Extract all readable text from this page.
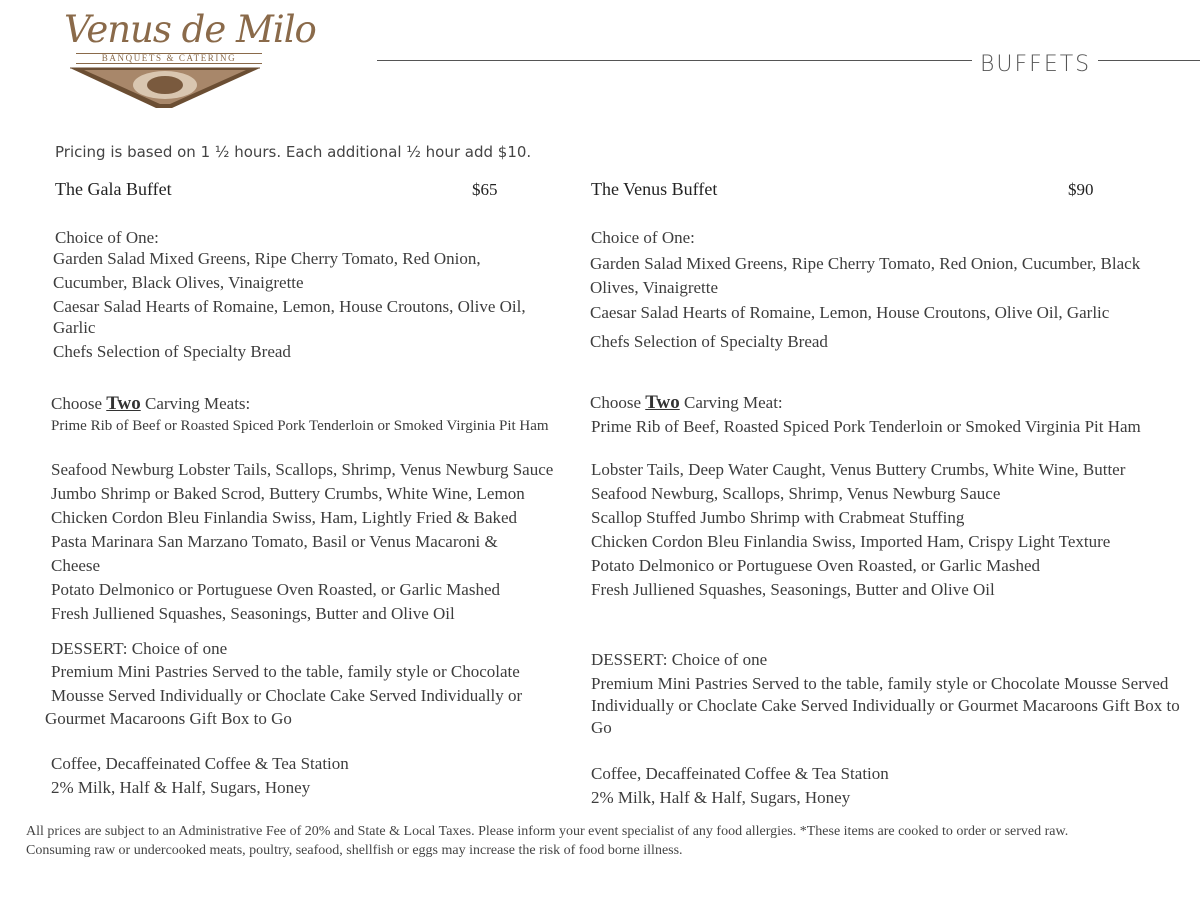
Venus de Milo
BANQUETS & CATERING	BUFFETS
Pricing is based on 1 ½ hours. Each additional ½ hour add $10.
The Gala Buffet	$65
Choice of One:
Garden Salad Mixed Greens, Ripe Cherry Tomato, Red Onion,
Cucumber, Black Olives, Vinaigrette
Caesar Salad Hearts of Romaine, Lemon, House Croutons, Olive Oil,
Garlic
Chefs Selection of Specialty Bread
Choose Two Carving Meats:
Prime Rib of Beef or Roasted Spiced Pork Tenderloin or Smoked Virginia Pit Ham
Seafood Newburg Lobster Tails, Scallops, Shrimp, Venus Newburg Sauce
Jumbo Shrimp or Baked Scrod, Buttery Crumbs, White Wine, Lemon
Chicken Cordon Bleu Finlandia Swiss, Ham, Lightly Fried & Baked
Pasta Marinara San Marzano Tomato, Basil or Venus Macaroni &
Cheese
Potato Delmonico or Portuguese Oven Roasted, or Garlic Mashed
Fresh Julliened Squashes, Seasonings, Butter and Olive Oil
DESSERT: Choice of one
Premium Mini Pastries Served to the table, family style or Chocolate
Mousse Served Individually or Choclate Cake Served Individually or
Gourmet Macaroons Gift Box to Go
Coffee, Decaffeinated Coffee & Tea Station
2% Milk, Half & Half, Sugars, Honey
The Venus Buffet	$90
Choice of One:
Garden Salad Mixed Greens, Ripe Cherry Tomato, Red Onion, Cucumber, Black
Olives, Vinaigrette
Caesar Salad Hearts of Romaine, Lemon, House Croutons, Olive Oil, Garlic
Chefs Selection of Specialty Bread
Choose Two Carving Meat:
Prime Rib of Beef, Roasted Spiced Pork Tenderloin or Smoked Virginia Pit Ham
Lobster Tails, Deep Water Caught, Venus Buttery Crumbs, White Wine, Butter
Seafood Newburg, Scallops, Shrimp, Venus Newburg Sauce
Scallop Stuffed Jumbo Shrimp with Crabmeat Stuffing
Chicken Cordon Bleu Finlandia Swiss, Imported Ham, Crispy Light Texture
Potato Delmonico or Portuguese Oven Roasted, or Garlic Mashed
Fresh Julliened Squashes, Seasonings, Butter and Olive Oil
DESSERT: Choice of one
Premium Mini Pastries Served to the table, family style or Chocolate Mousse Served Individually or Choclate Cake Served Individually or Gourmet Macaroons Gift Box to Go
Coffee, Decaffeinated Coffee & Tea Station
2% Milk, Half & Half, Sugars, Honey
All prices are subject to an Administrative Fee of 20% and State & Local Taxes. Please inform your event specialist of any food allergies. *These items are cooked to order or served raw.
Consuming raw or undercooked meats, poultry, seafood, shellfish or eggs may increase the risk of food borne illness.
